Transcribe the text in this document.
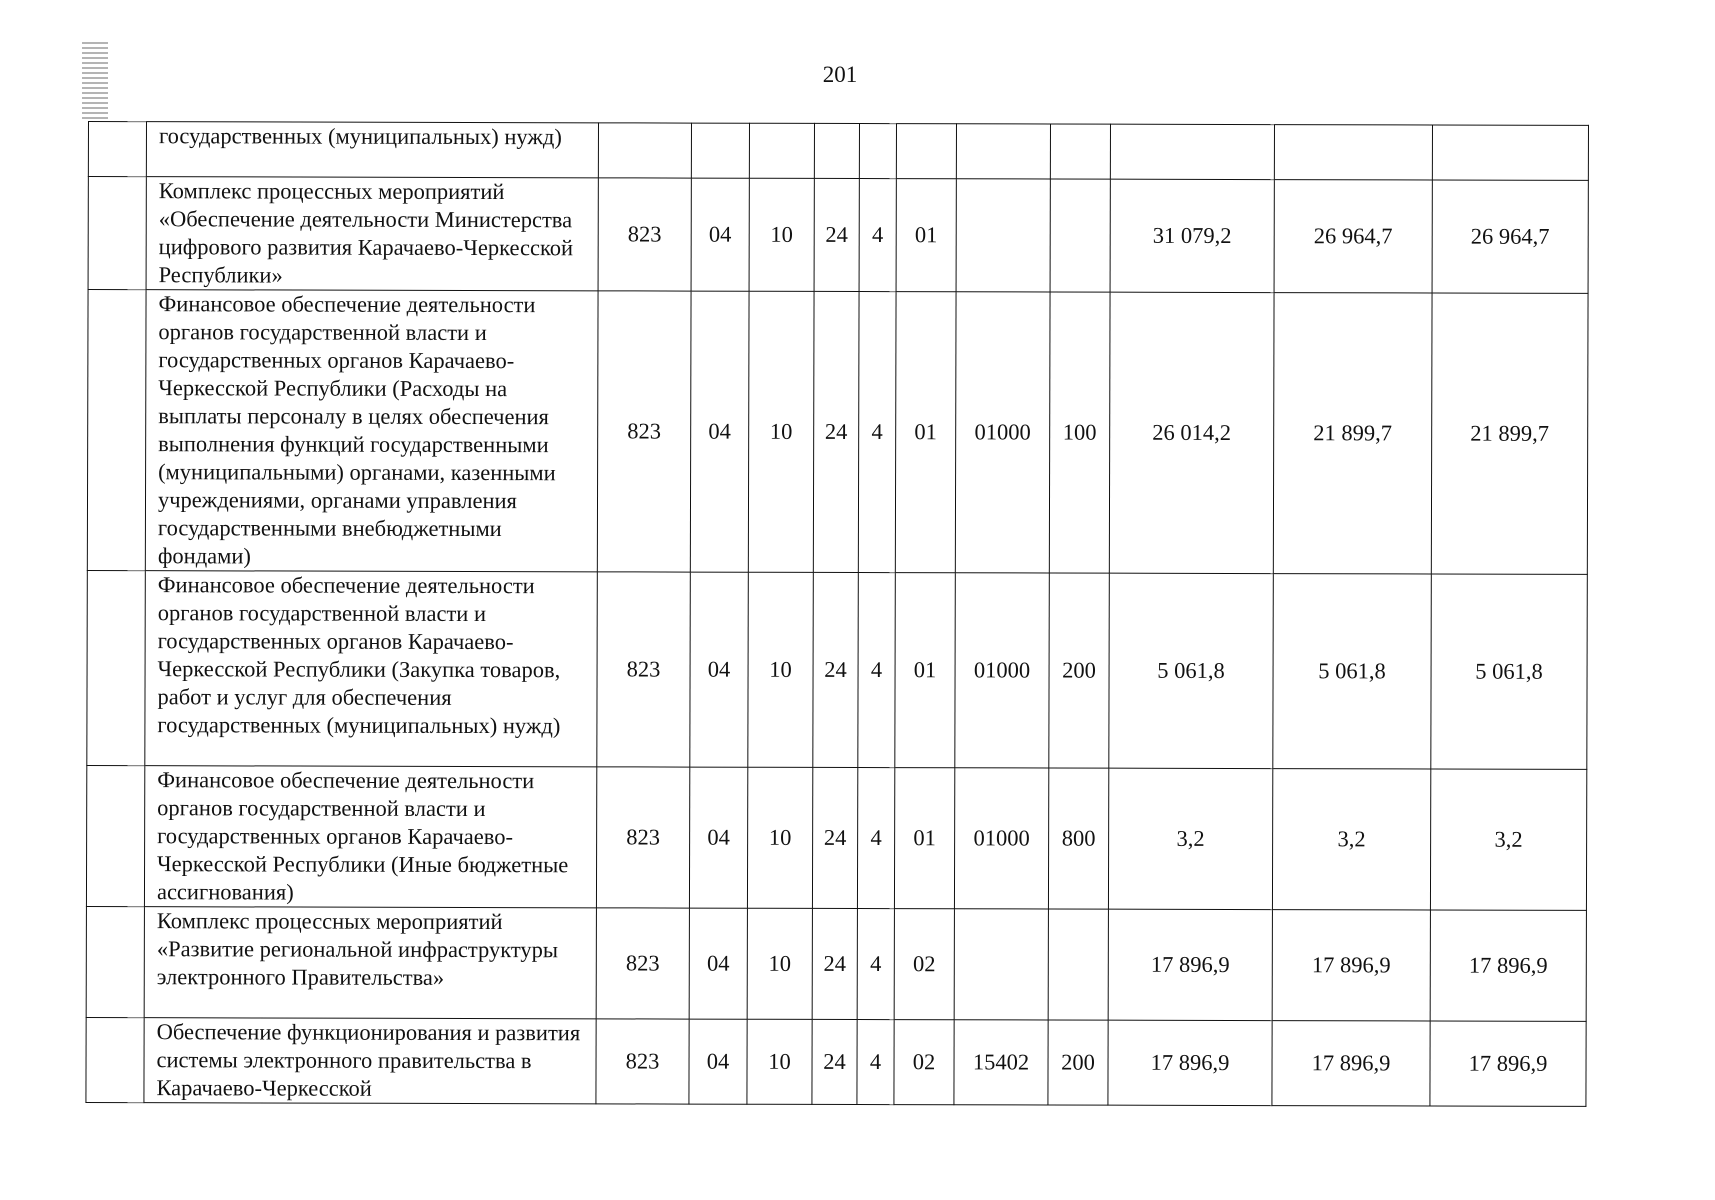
201
	государственных (муниципальных) нужд)											
	Комплекс процессных мероприятий «Обеспечение деятельности Министерства цифрового развития Карачаево-Черкесской Республики»	823	04	10	24	4	01			31 079,2	26 964,7	26 964,7
	Финансовое обеспечение деятельности органов государственной власти и государственных органов Карачаево-Черкесской Республики (Расходы на выплаты персоналу в целях обеспечения выполнения функций государственными (муниципальными) органами, казенными учреждениями, органами управления государственными внебюджетными фондами)	823	04	10	24	4	01	01000	100	26 014,2	21 899,7	21 899,7
	Финансовое обеспечение деятельности органов государственной власти и государственных органов Карачаево-Черкесской Республики (Закупка товаров, работ и услуг для обеспечения государственных (муниципальных) нужд)	823	04	10	24	4	01	01000	200	5 061,8	5 061,8	5 061,8
	Финансовое обеспечение деятельности органов государственной власти и государственных органов Карачаево-Черкесской Республики (Иные бюджетные ассигнования)	823	04	10	24	4	01	01000	800	3,2	3,2	3,2
	Комплекс процессных мероприятий «Развитие региональной инфраструктуры электронного Правительства»	823	04	10	24	4	02			17 896,9	17 896,9	17 896,9
	Обеспечение функционирования и развития системы электронного правительства в Карачаево-Черкесской	823	04	10	24	4	02	15402	200	17 896,9	17 896,9	17 896,9
